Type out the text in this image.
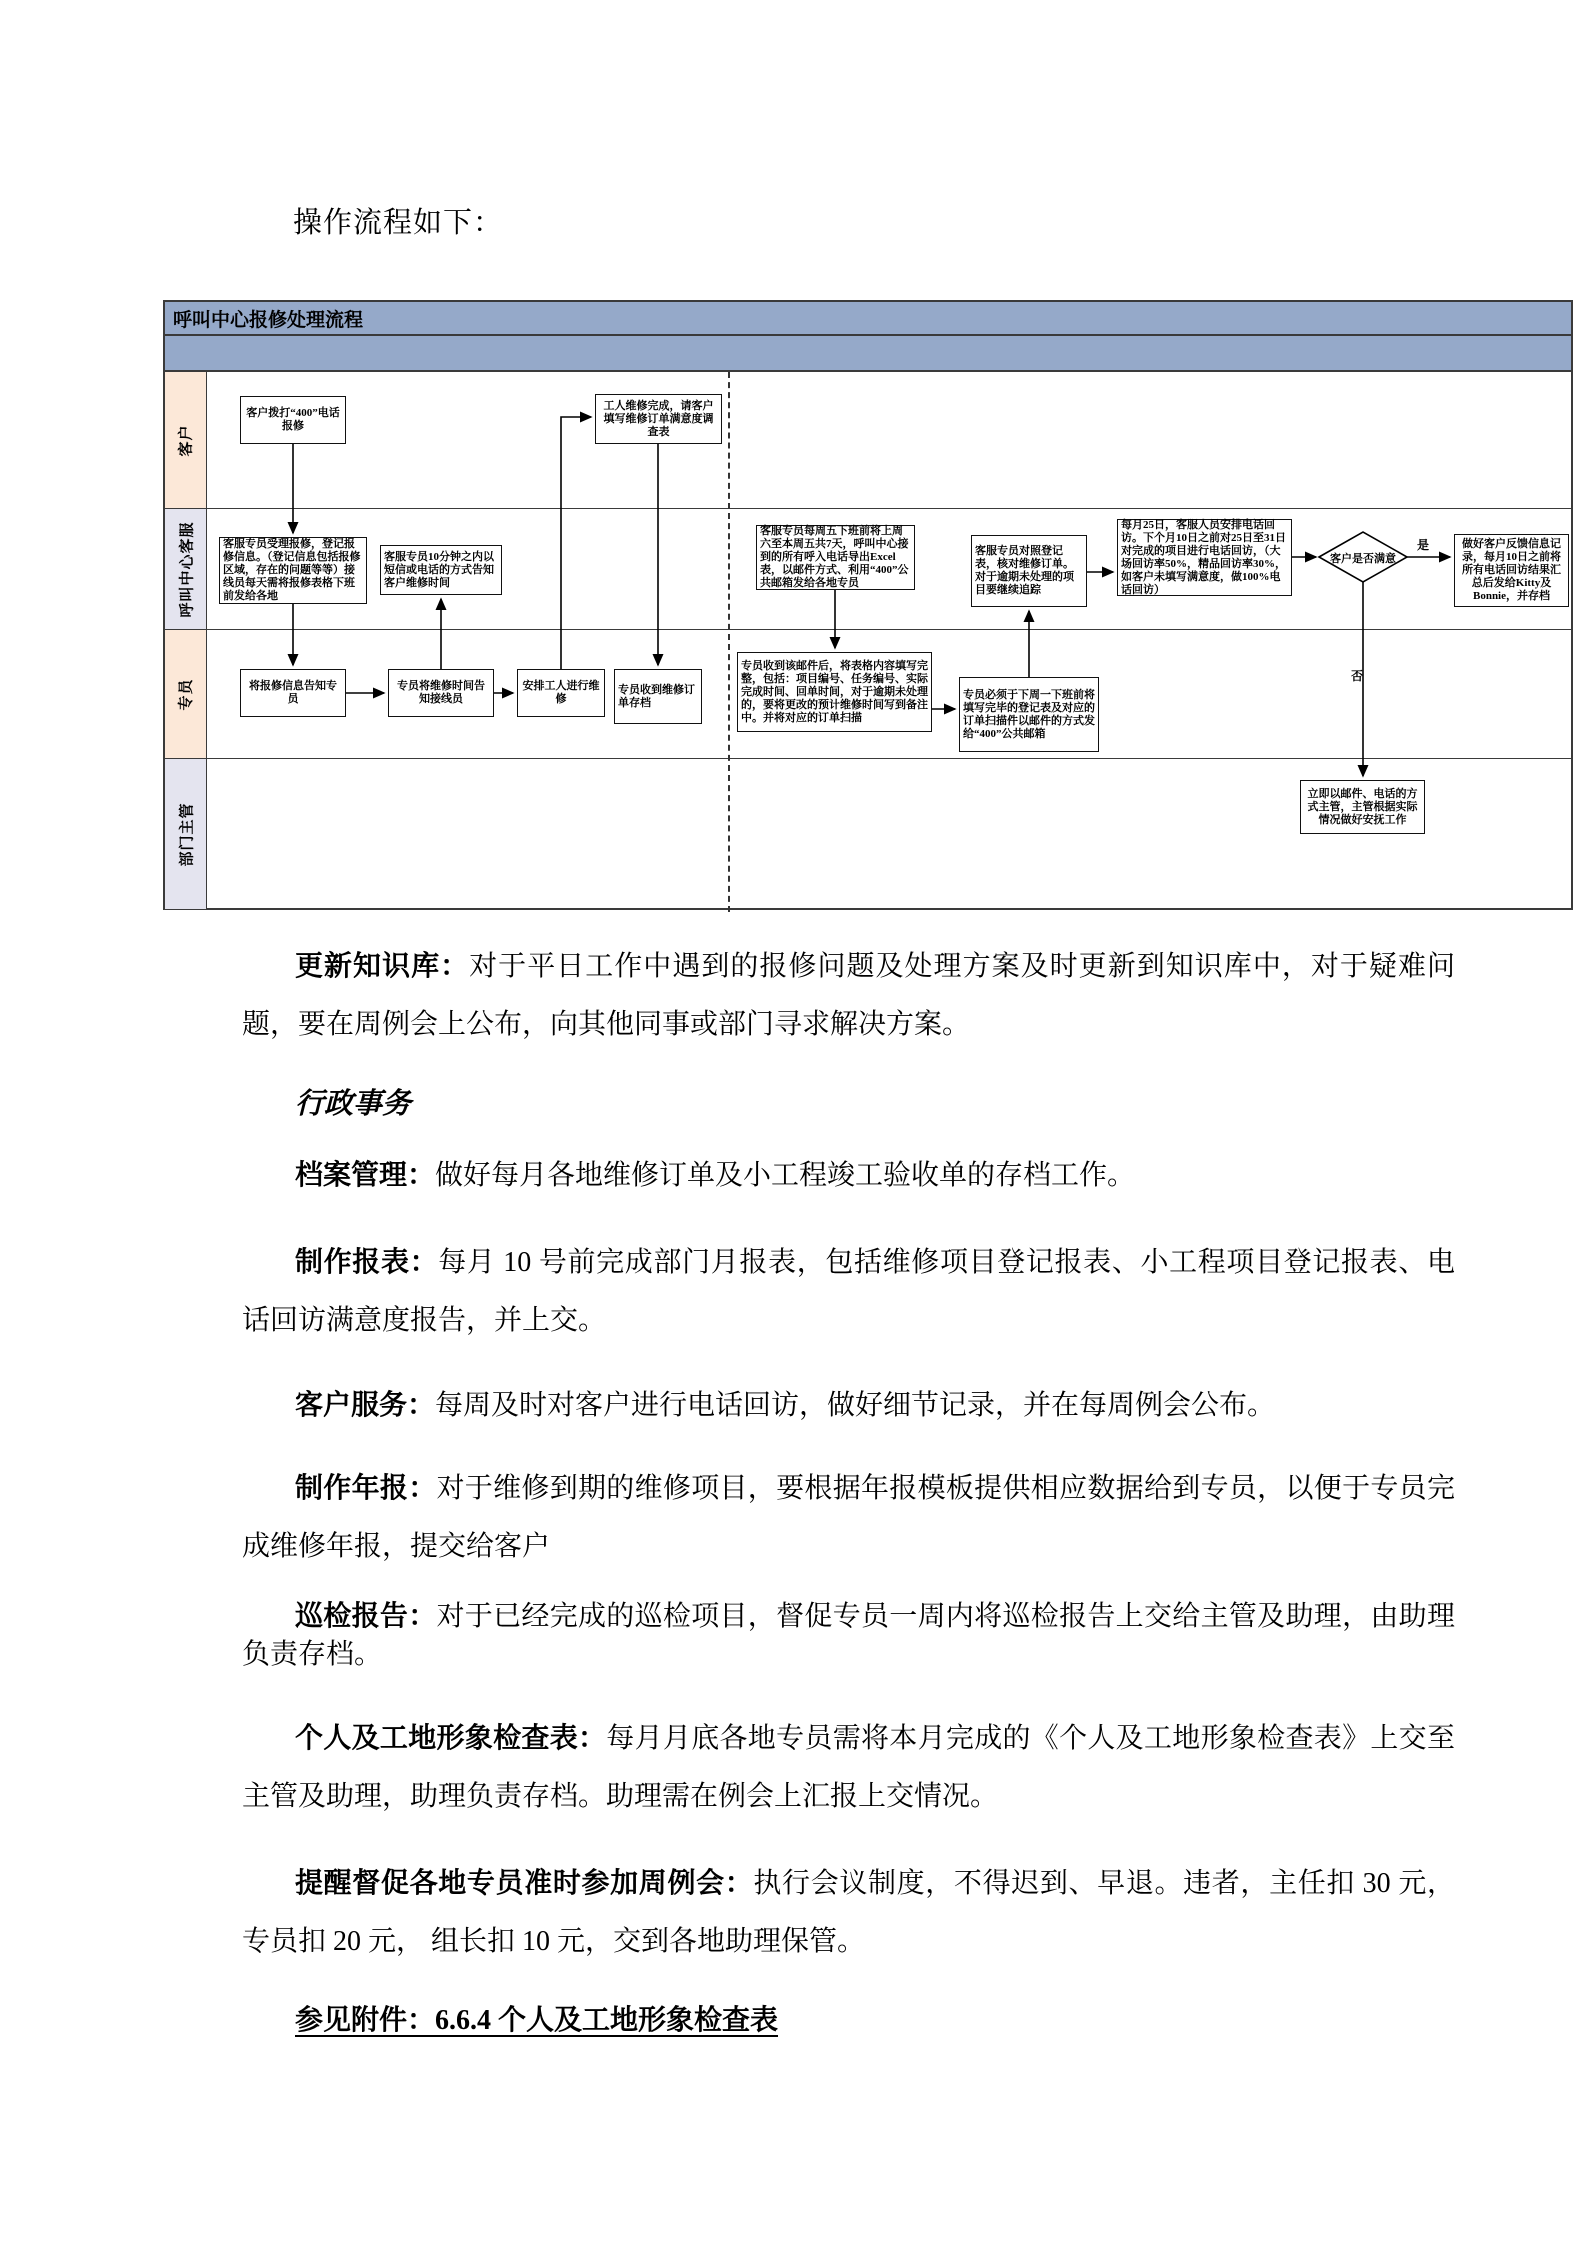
操作流程如下：
呼叫中心报修处理流程
客户
呼叫中心客服
专员
部门主管
客户拨打“400”电话报修
工人维修完成，请客户填写维修订单满意度调查表
客服专员受理报修，登记报修信息。（登记信息包括报修区域，存在的问题等等）接线员每天需将报修表格下班前发给各地
客服专员10分钟之内以短信或电话的方式告知客户维修时间
客服专员每周五下班前将上周六至本周五共7天，呼叫中心接到的所有呼入电话导出Excel表，以邮件方式、利用“400”公共邮箱发给各地专员
客服专员对照登记表，核对维修订单。对于逾期未处理的项目要继续追踪
每月25日，客服人员安排电话回访。下个月10日之前对25日至31日对完成的项目进行电话回访，（大场回访率50%，精品回访率30%，如客户未填写满意度，做100%电话回访）
客户是否满意
做好客户反馈信息记录，每月10日之前将所有电话回访结果汇总后发给Kitty及Bonnie，并存档
将报修信息告知专员
专员将维修时间告知接线员
安排工人进行维修
专员收到维修订单存档
专员收到该邮件后，将表格内容填写完整，包括：项目编号、任务编号、实际完成时间、回单时间，对于逾期未处理的，要将更改的预计维修时间写到备注中。并将对应的订单扫描
专员必须于下周一下班前将填写完毕的登记表及对应的订单扫描件以邮件的方式发给“400”公共邮箱
立即以邮件、电话的方式主管，主管根据实际情况做好安抚工作
是
否

更新知识库：对于平日工作中遇到的报修问题及处理方案及时更新到知识库中，对于疑难问题，要在周例会上公布，向其他同事或部门寻求解决方案。

行政事务

档案管理：做好每月各地维修订单及小工程竣工验收单的存档工作。

制作报表：每月 10 号前完成部门月报表，包括维修项目登记报表、小工程项目登记报表、电话回访满意度报告，并上交。

客户服务：每周及时对客户进行电话回访，做好细节记录，并在每周例会公布。

制作年报：对于维修到期的维修项目，要根据年报模板提供相应数据给到专员，以便于专员完成维修年报，提交给客户

巡检报告：对于已经完成的巡检项目，督促专员一周内将巡检报告上交给主管及助理，由助理负责存档。

个人及工地形象检查表：每月月底各地专员需将本月完成的《个人及工地形象检查表》上交至主管及助理，助理负责存档。助理需在例会上汇报上交情况。

提醒督促各地专员准时参加周例会：执行会议制度，不得迟到、早退。违者，主任扣 30 元，专员扣 20 元， 组长扣 10 元，交到各地助理保管。

参见附件：6.6.4 个人及工地形象检查表
